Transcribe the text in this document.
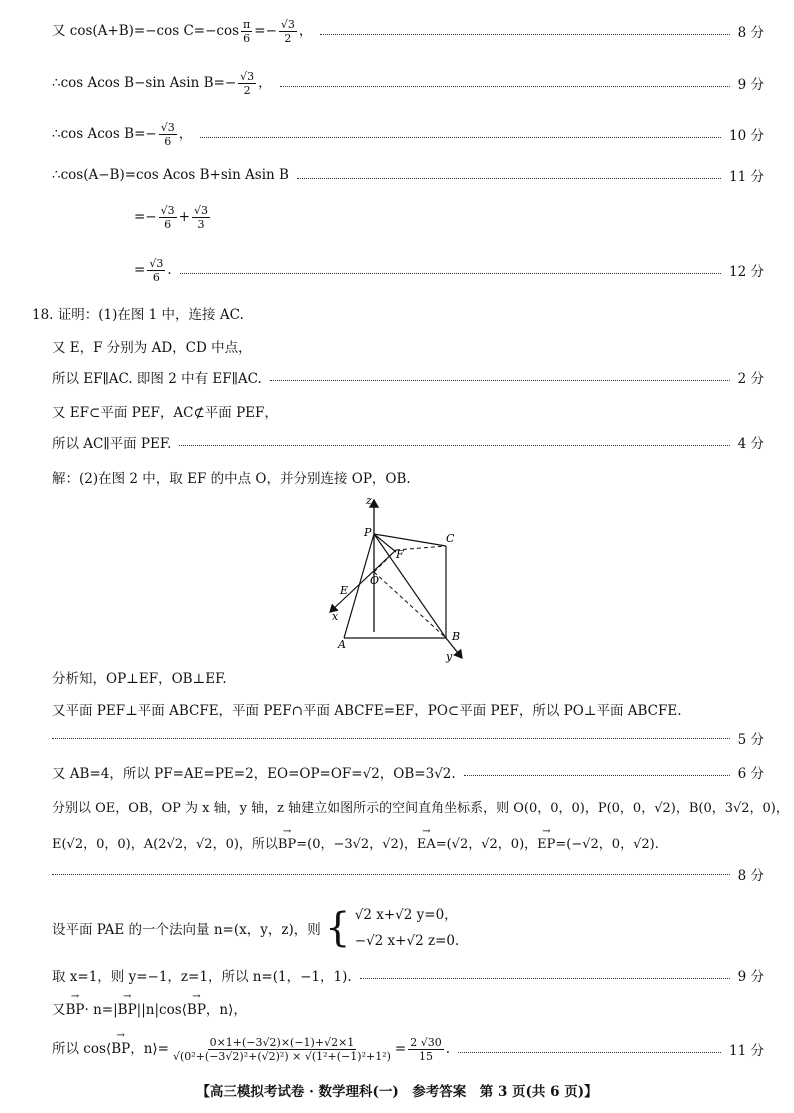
又 cos(A+B)=−cos $C=-\cos \frac{\pi}{6} =- \frac{√3}{2}$ ，	8 分
∴cos Acos B−sin Asin $B=- \frac{√3}{2}$ ，	9 分
∴cos Acos $B=- \frac{√3}{6}$ ，	10 分
∴cos(A−B)=cos Acos B+sin Asin B	11 分
=− $\frac{√3}{6} + \frac{√3}{3}$
= $\frac{√3}{6}$ .	12 分
18. 证明：(1)在图 1 中，连接 AC.
又 E，F 分别为 AD，CD 中点，
所以 EF∥AC. 即图 2 中有 EF∥AC.	2 分
又 EF⊂平面 PEF，AC⊄平面 PEF，
所以 AC∥平面 PEF.	4 分
解：(2)在图 2 中，取 EF 的中点 O，并分别连接 OP，OB.
z
P	C
F
O
E
x
A
B
y
分析知，OP⊥EF，OB⊥EF.
又平面 PEF⊥平面 ABCFE，平面 PEF∩平面 ABCFE=EF，PO⊂平面 PEF，所以 PO⊥平面 ABCFE.
5 分
又 AB=4，所以 PF=AE=PE=2，EO=OP=OF=√2，OB=3√2.	6 分
分别以 OE，OB，OP 为 x 轴，y 轴，z 轴建立如图所示的空间直角坐标系，则 O(0，0，0)，P(0，0，√2)，B(0，3√2，0)，
E(√2，0，0)，A(2√2，√2，0)，所以→ BP=(0，−3√2，√2)，→ EA=(√2，√2，0)，→ EP=(−√2，0，√2).
8 分
设平面 PAE 的一个法向量 n=(x，y，z)，则 { √2 x+√2 y=0，
−√2 x+√2 z=0.
取 x=1，则 y=−1，z=1，所以 n=(1，−1，1).	9 分
又→ BP· n=|→ BP||n|cos⟨→ BP，n⟩，
所以 cos⟨→ BP，n⟩= $\frac{0\times 1+(-3√2)\times(-1)+√2\times 1}{\text{√(0²+(−3√2)²+(√2)²) × √(1²+(−1)²+1²)}} = \frac{2 √30}{15}$ .	11 分
【高三模拟考试卷 · 数学理科(一)　参考答案　第 3 页(共 6 页)】
